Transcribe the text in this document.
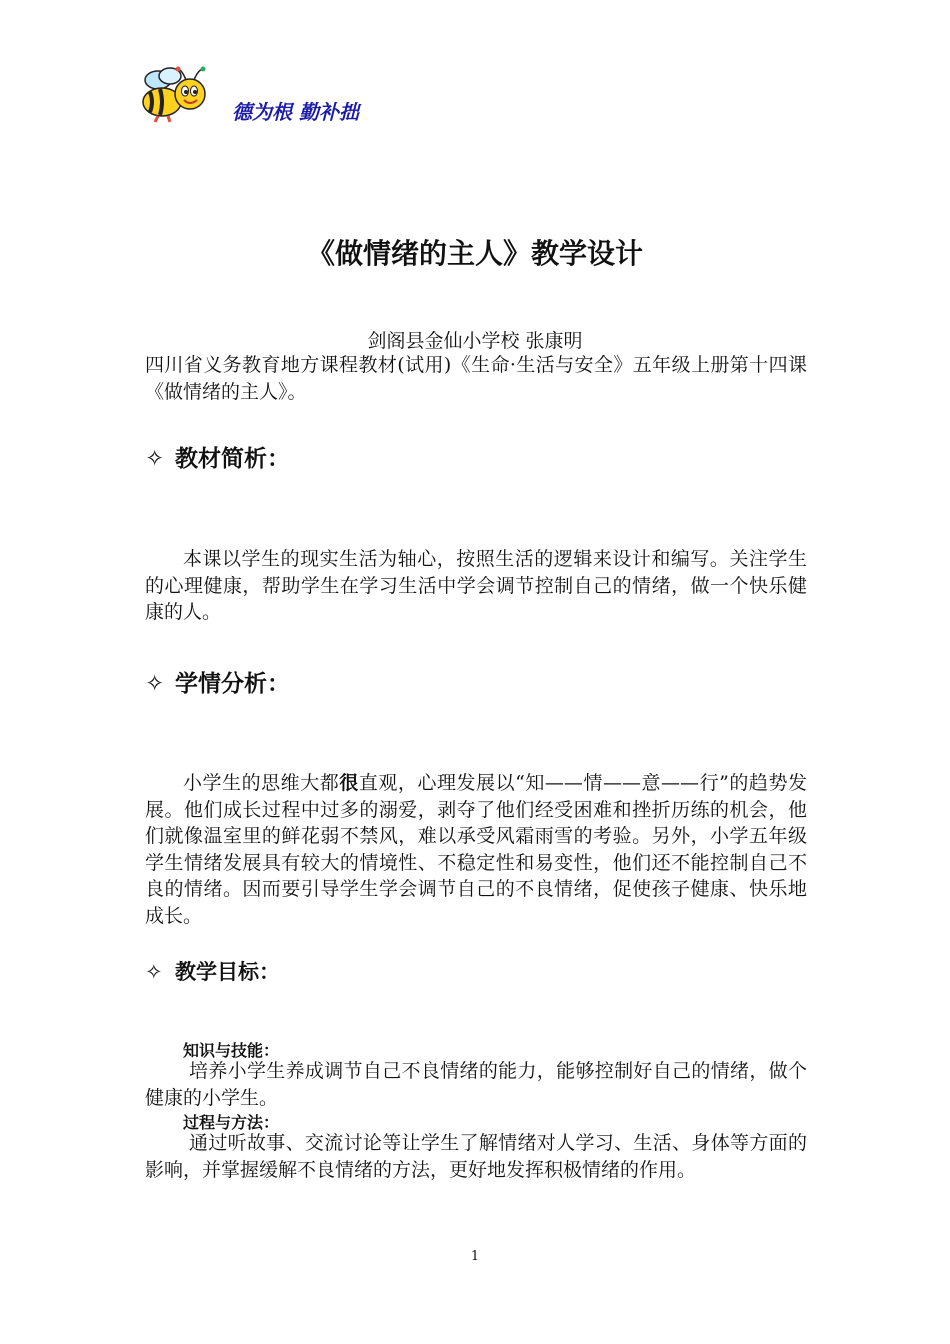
德为根 勤补拙
《做情绪的主人》教学设计
剑阁县金仙小学校 张康明
四川省义务教育地方课程教材(试用)《生命·生活与安全》五年级上册第十四课《做情绪的主人》。
✧ 教材简析：
本课以学生的现实生活为轴心，按照生活的逻辑来设计和编写。关注学生的心理健康，帮助学生在学习生活中学会调节控制自己的情绪，做一个快乐健康的人。
✧ 学情分析：
小学生的思维大都很直观，心理发展以“知——情——意——行”的趋势发展。他们成长过程中过多的溺爱，剥夺了他们经受困难和挫折历练的机会，他们就像温室里的鲜花弱不禁风，难以承受风霜雨雪的考验。另外，小学五年级学生情绪发展具有较大的情境性、不稳定性和易变性，他们还不能控制自己不良的情绪。因而要引导学生学会调节自己的不良情绪，促使孩子健康、快乐地成长。
✧ 教学目标：
知识与技能：
培养小学生养成调节自己不良情绪的能力，能够控制好自己的情绪，做个健康的小学生。
过程与方法：
通过听故事、交流讨论等让学生了解情绪对人学习、生活、身体等方面的影响，并掌握缓解不良情绪的方法，更好地发挥积极情绪的作用。
1
